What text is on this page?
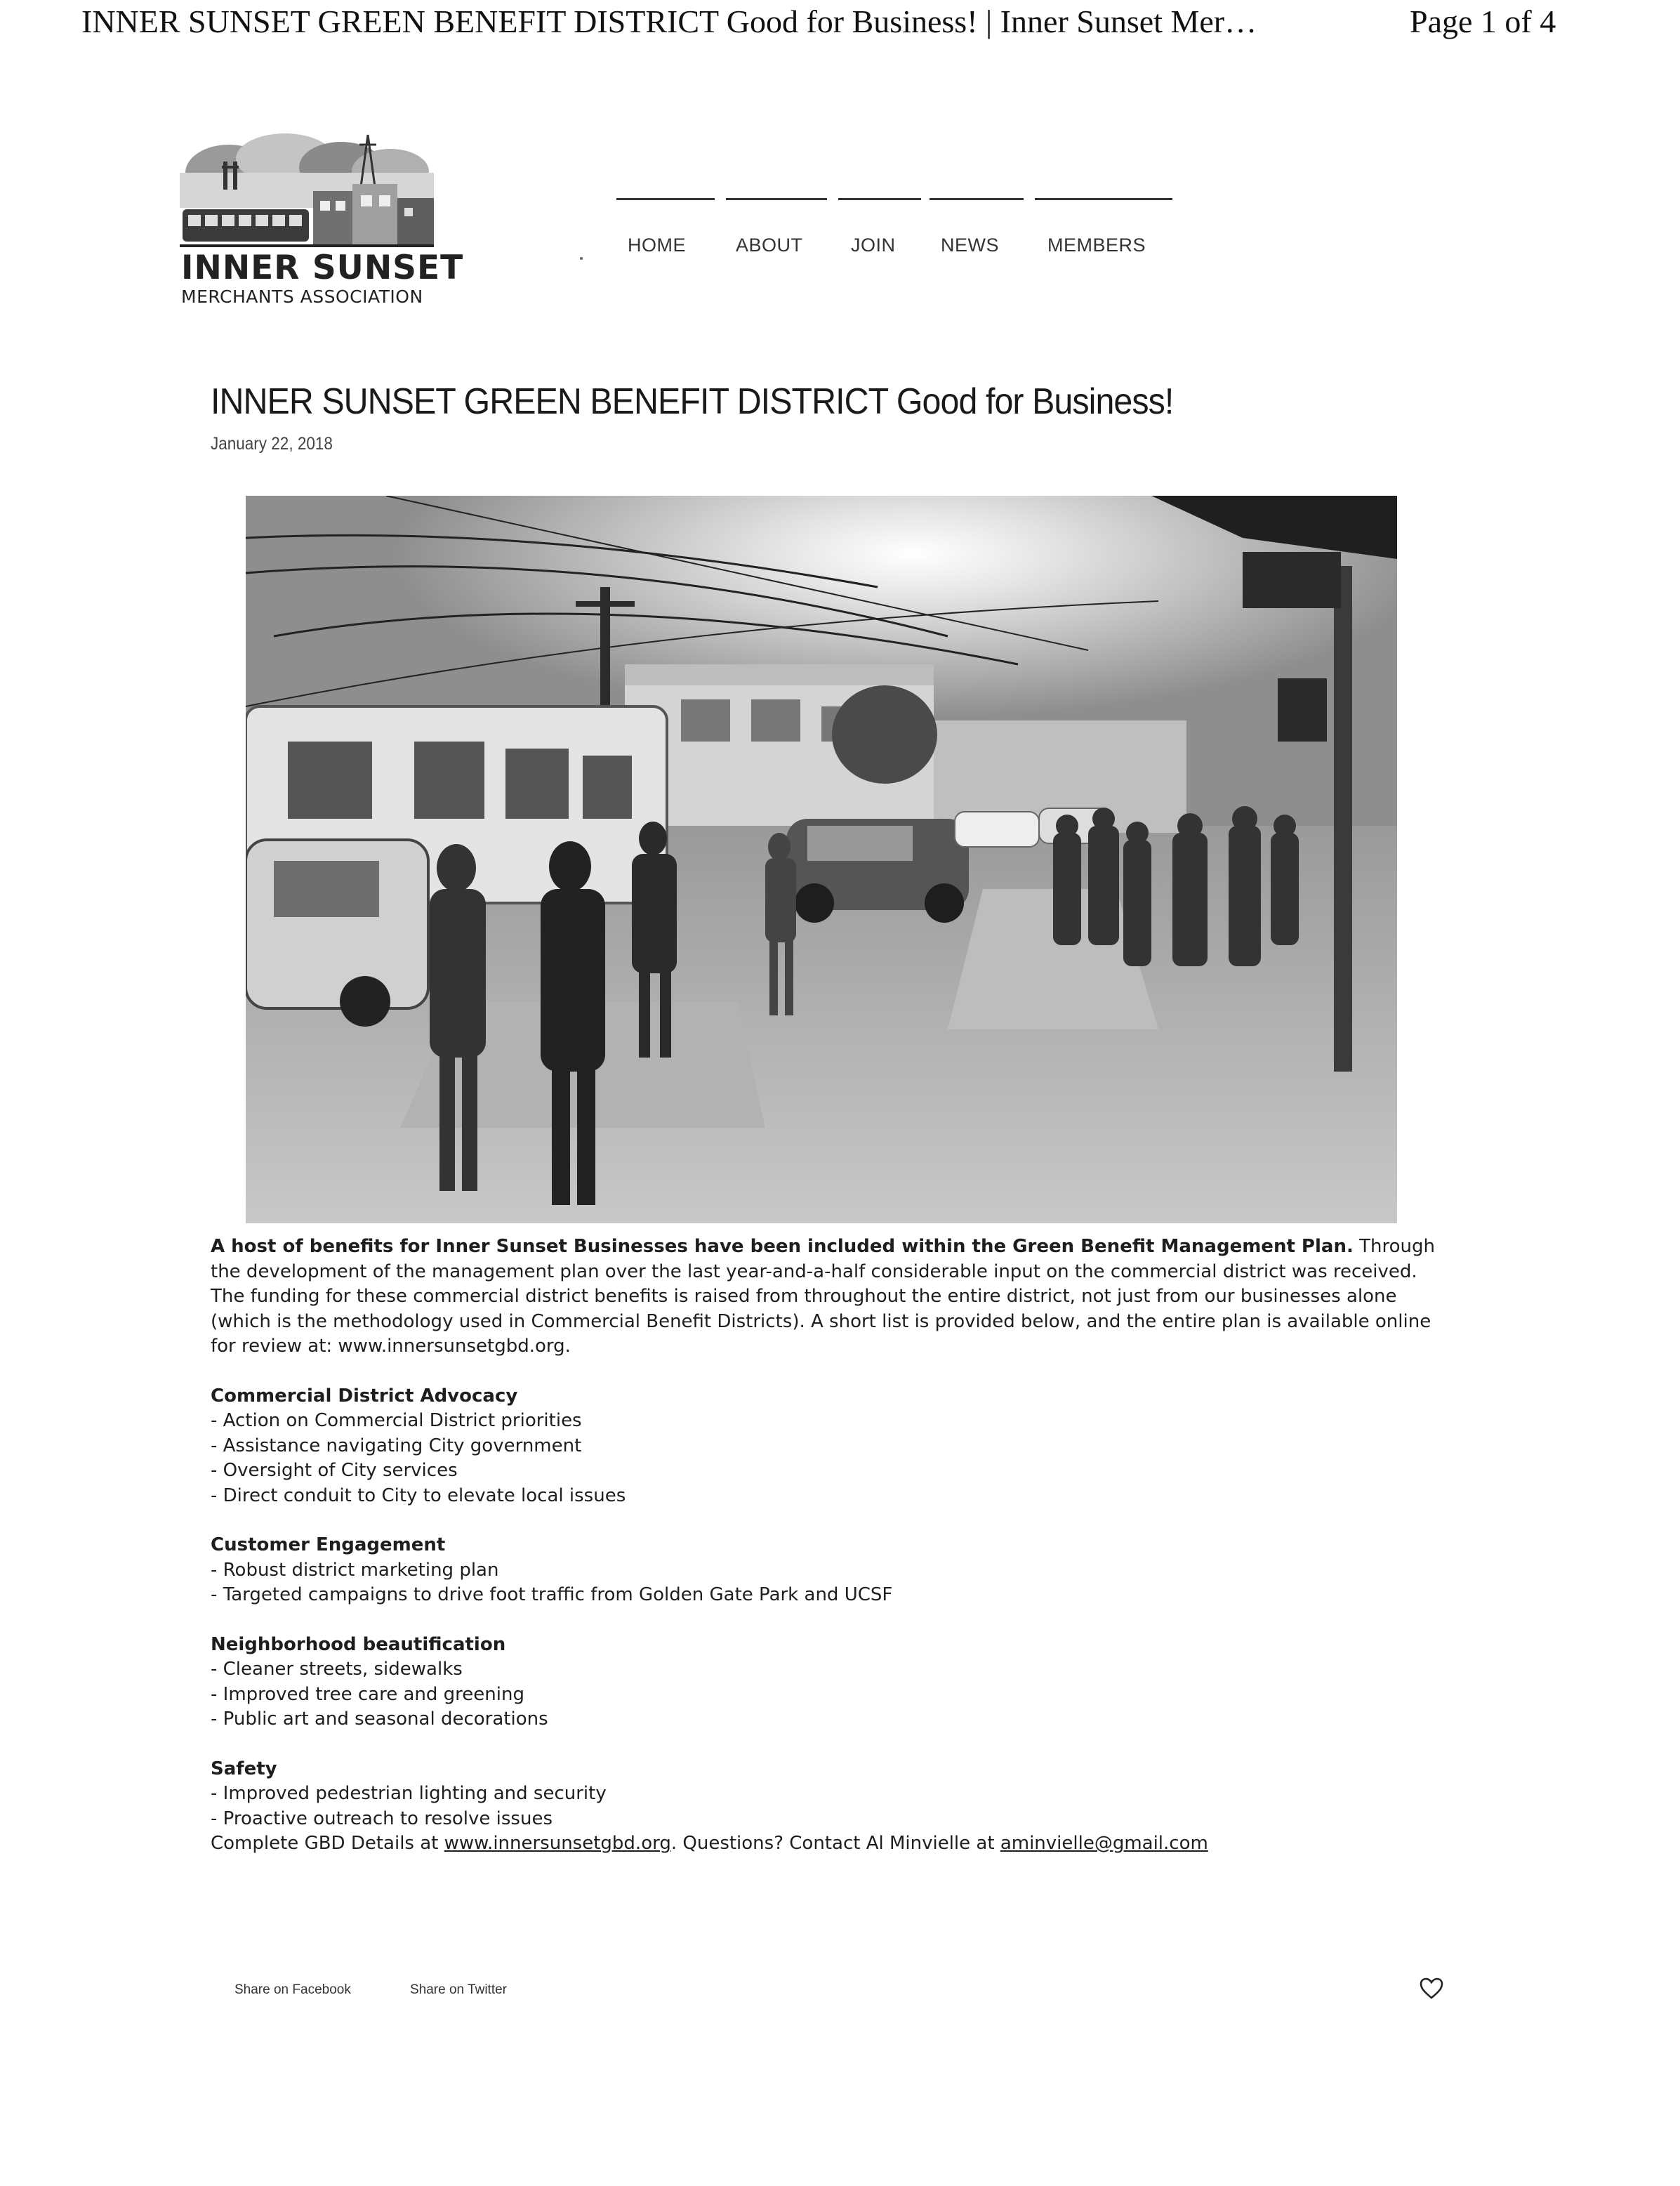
INNER SUNSET GREEN BENEFIT DISTRICT Good for Business! | Inner Sunset Mer…	Page 1 of 4
INNER SUNSET
MERCHANTS ASSOCIATION
HOME	ABOUT	JOIN NEWS	MEMBERS
INNER SUNSET GREEN BENEFIT DISTRICT Good for Business!
January 22, 2018

A host of benefits for Inner Sunset Businesses have been included within the Green Benefit Management Plan. Through the development of the management plan over the last year-and-a-half considerable input on the commercial district was received. The funding for these commercial district benefits is raised from throughout the entire district, not just from our businesses alone (which is the methodology used in Commercial Benefit Districts). A short list is provided below, and the entire plan is available online for review at: www.innersunsetgbd.org.

Commercial District Advocacy
- Action on Commercial District priorities
- Assistance navigating City government
- Oversight of City services
- Direct conduit to City to elevate local issues
Customer Engagement
- Robust district marketing plan
- Targeted campaigns to drive foot traffic from Golden Gate Park and UCSF
Neighborhood beautification
- Cleaner streets, sidewalks
- Improved tree care and greening
- Public art and seasonal decorations
Safety
- Improved pedestrian lighting and security
- Proactive outreach to resolve issues

Complete GBD Details at www.innersunsetgbd.org. Questions? Contact Al Minvielle at aminvielle@gmail.com

Share on Facebook	Share on Twitter
